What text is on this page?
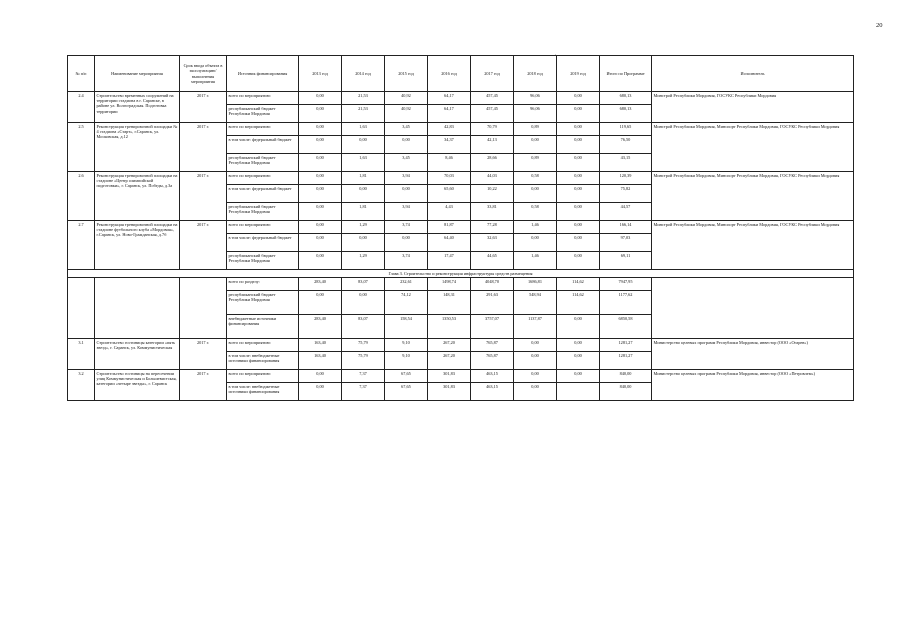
20
.
№ п/п	Наименование мероприятия	Срок ввода объекта в эксплуатацию/ выполнения мероприятия	Источник финансирования	2013 год	2014 год	2015 год	2016 год	2017 год	2018 год	2019 год	Итого по Программе	Исполнитель
2.4	Строительство временных сооружений на территории стадиона в г. Саранске, в районе ул. Волгоградская. Подготовка территории	2017 г.	всего по мероприятию:	0,00	21,53	40,92	64,17	457,45	96,06	0,00	680,13	Минстрой Республики Мордовия, ГОСУКС Республики Мордовия
			республиканский бюджет Республики Мордовия	0,00	21,53	40,92	64,17	457,45	96,06	0,00	680,13	
2.5	Реконструкция тренировочной площадки № 4 стадиона «Старт», г.Саранск, ул. Московская, д.12	2017 г.	всего по мероприятию:	0,00	1,63	3,45	42,83	70,79	0,89	0,00	119,65	Минстрой Республики Мордовия, Минспорт Республики Мордовия, ГОСУКС Республики Мордовия
			в том числе: федеральный бюджет	0,00	0,00	0,00	34,37	42,13	0,00	0,00	76,50	
			республиканский бюджет Республики Мордовия	0,00	1,63	3,45	8,46	28,66	0,89	0,00	43,15	
2.6	Реконструкция тренировочной площадки на стадионе «Центр олимпийской подготовки», г. Саранск, ул. Победы, д.3а	2017 г.	всего по мероприятию:	0,00	1,81	3,94	70,03	44,03	0,58	0,00	120,39	Минстрой Республики Мордовия, Минспорт Республики Мордовия, ГОСУКС Республики Мордовия
			в том числе: федеральный бюджет	0,00	0,00	0,00	65,60	10,22	0,00	0,00	75,82	
			республиканский бюджет Республики Мордовия	0,00	1,81	3,94	4,43	33,81	0,58	0,00	44,57	
2.7	Реконструкция тренировочной площадки на стадионе футбольного клуба «Мордовия», г.Саранск, ул. Ново-Гражданская, д.7б	2017 г.	всего по мероприятию:	0,00	1,29	3,74	81,87	77,28	1,46	0,00	166,14	Минстрой Республики Мордовия, Минспорт Республики Мордовия, ГОСУКС Республики Мордовия
			в том числе: федеральный бюджет	0,00	0,00	0,00	64,40	32,63	0,00	0,00	97,03	
			республиканский бюджет Республики Мордовия	0,00	1,29	3,74	17,47	44,65	1,46	0,00	69,11	
Глава 3. Строительство и реконструкция инфраструктуры средств размещения												
			всего по разделу:	283,40	83,07	232,61	1498,74	4048,70	1686,81	114,62	7947,95	
			республиканский бюджет Республики Мордовия	0,00	0,00	74,12	148,31	291,63	548,94	114,62	1177,62	
			внебюджетные источники финансирования	283,40	83,07	158,54	1350,53	3757,07	1137,87	0,00	6850,58	
3.1	Строительство гостиницы категории «пять звезд», г. Саранск, ул. Коммунистическая	2017 г.	всего по мероприятию:	163,40	75,79	9,10	267,20	765,87	0,00	0,00	1281,27	Министерство целевых программ Республики Мордовия, инвестор (ООО «Огарев»)
			в том числе: внебюджетные источники финансирования	163,40	75,79	9,10	267,20	765,87	0,00	0,00	1281,27	
3.2	Строительство гостиницы на пересечении улиц Коммунистическая и Большевистская, категории «четыре звезды», г. Саранск	2017 г.	всего по мероприятию:	0,00	7,37	67,65	301,83	463,15	0,00	0,00	840,00	Министерство целевых программ Республики Мордовия, инвестор (ООО «Петровлем»)
			в том числе: внебюджетные источники финансирования	0,00	7,37	67,65	301,83	463,15	0,00		840,00	
